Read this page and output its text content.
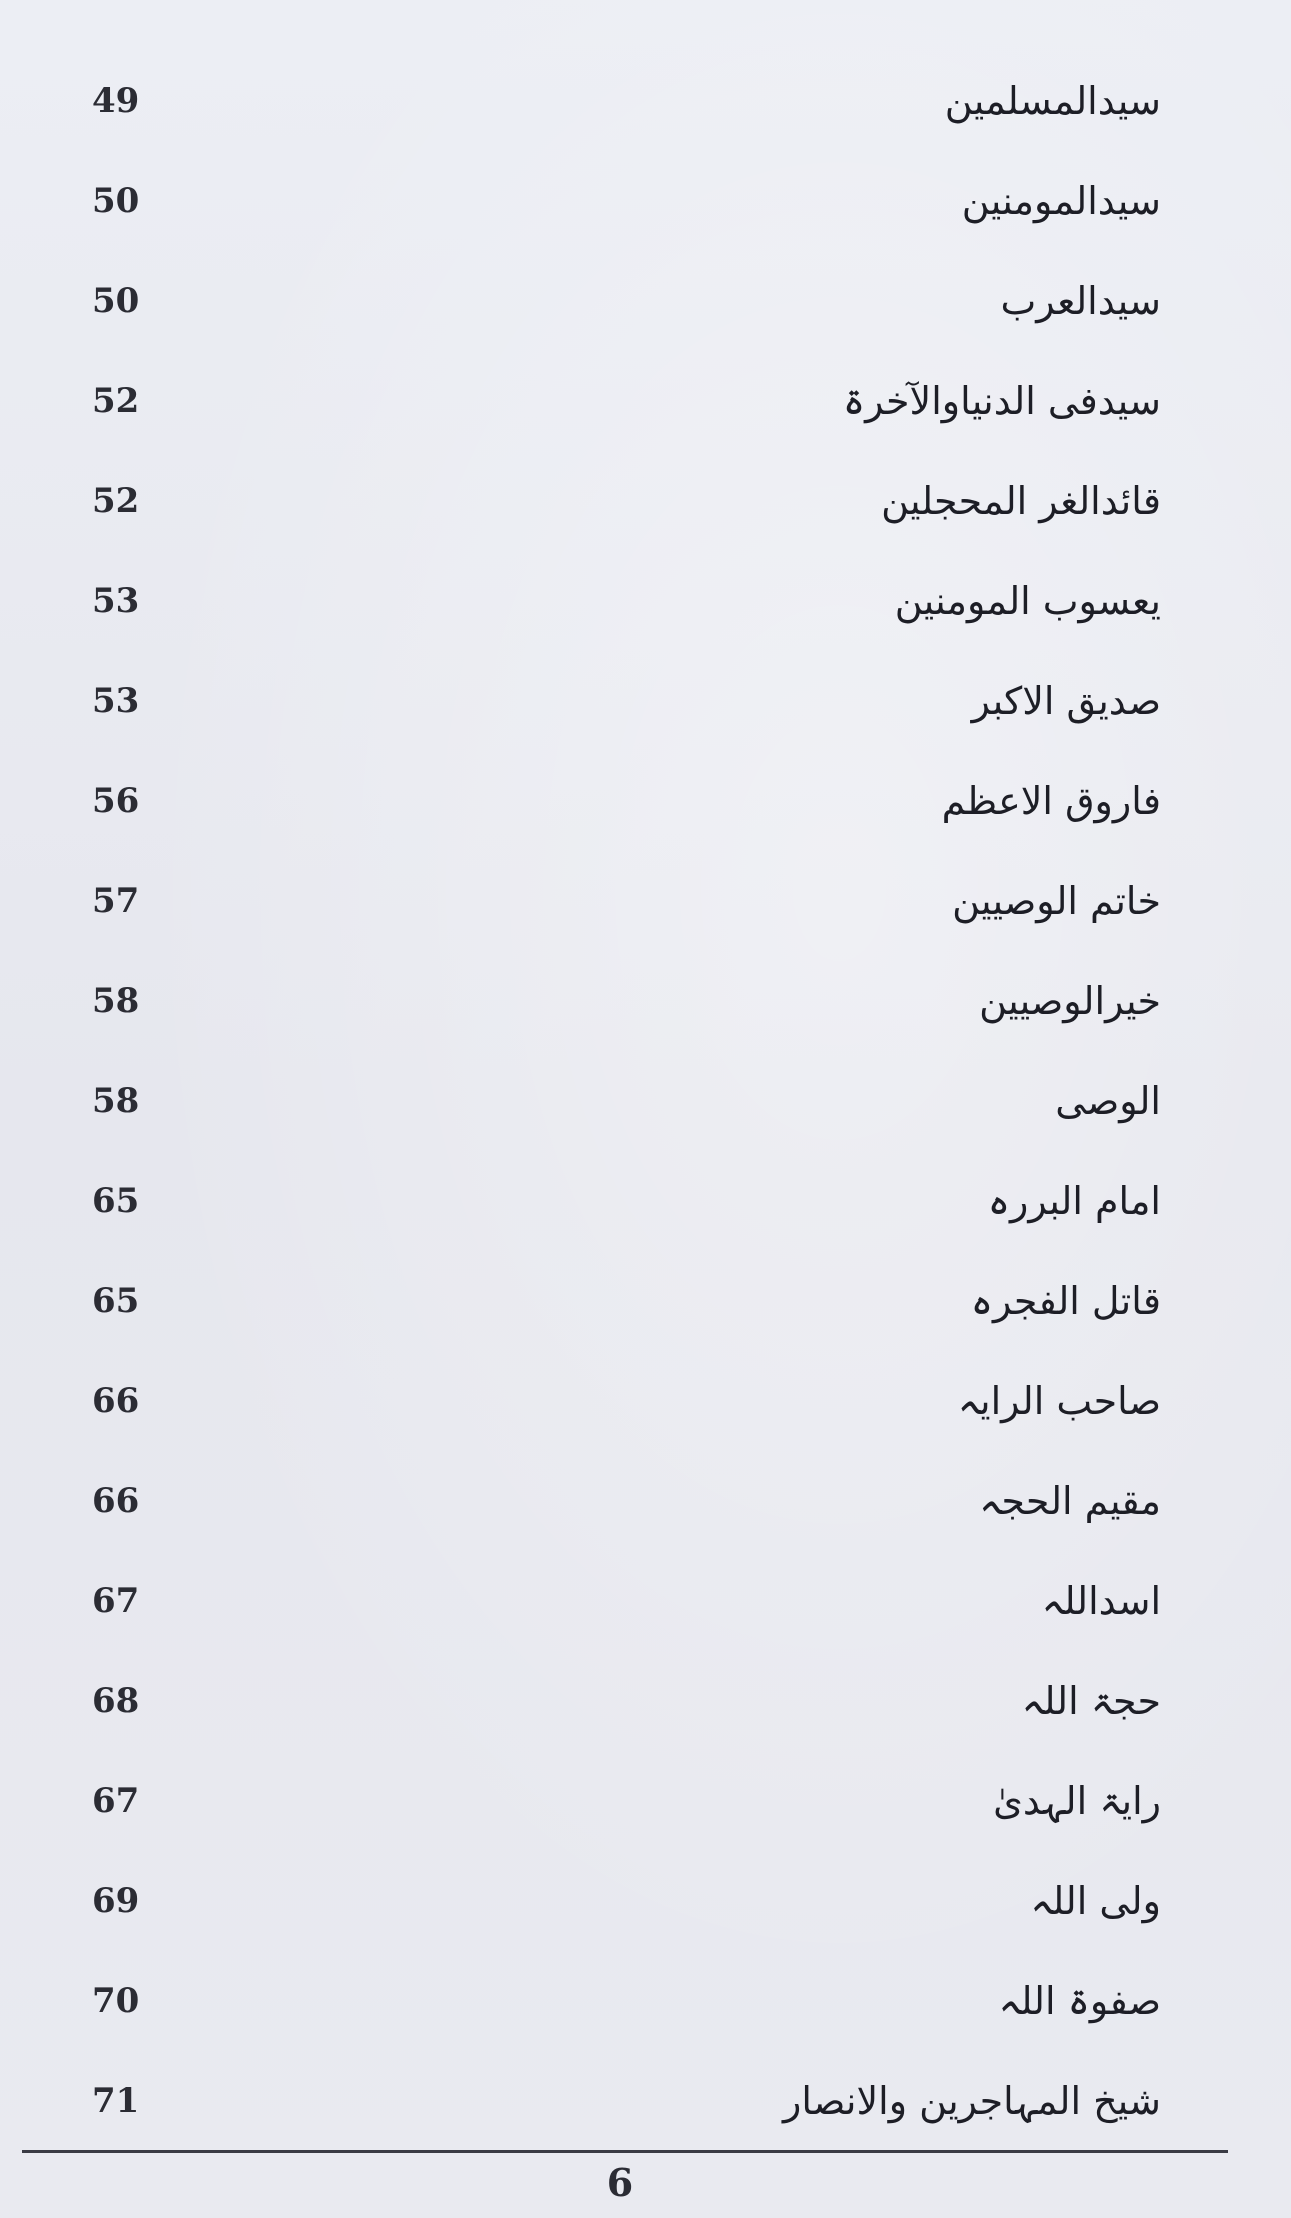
49	سیدالمسلمین
50	سیدالمومنین
50	سیدالعرب
52	سیدفی الدنیاوالآخرۃ
52	قائدالغر المحجلین
53	یعسوب المومنین
53	صدیق الاکبر
56	فاروق الاعظم
57	خاتم الوصیین
58	خیرالوصیین
58	الوصی
65	امام البررہ
65	قاتل الفجرہ
66	صاحب الرایہ
66	مقیم الحجہ
67	اسداللہ
68	حجۃ اللہ
67	رایۃ الہدیٰ
69	ولی اللہ
70	صفوۃ اللہ
71	شیخ المہاجرین والانصار
6
